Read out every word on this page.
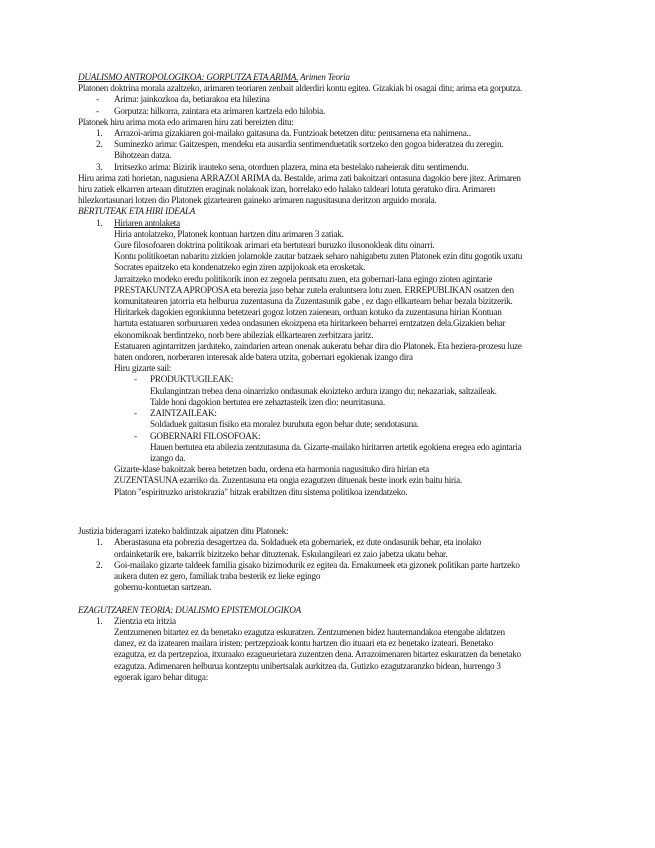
DUALISMO ANTROPOLOGIKOA: GORPUTZA ETA ARIMA. Arimen Teoria
Platonen doktrina morala azaltzeko, arimaren teoriaren zenbait alderdiri kontu egitea. Gizakiak bi osagai ditu; arima eta gorputza.
-	Arima: jainkozkoa da, betiarakoa eta hilezina
-	Gorputza: hilkorra, zaintara eta arimaren kartzela edo hilobia.
Platonek hiru arima mota edo arimaren hiru zati bereizten ditu:
1.	Arrazoi-arima gizakiaren goi-mailako gaitasuna da. Funtzioak betetzen ditu: pentsamena eta nahimena..
2.	Suminezko arima: Gaitzespen, mendeku eta ausardia sentimenduetatik sortzeko den gogoa bideratzea du zeregin.
Bihotzean datza.
3.	Irritsezko arima: Bizirik irauteko sena, otorduen plazera, mina eta bestelako naheierak ditu sentimendu.
Hiru arima zati horietan, nagusiena ARRAZOI ARIMA da. Bestalde, arima zati bakoitzari ontasuna dagokio bere jitez. Arimaren
hiru zatiek elkarren arteaan ditutzten eraginak nolakoak izan, horrelako edo halako taldeari lotuta geratuko dira. Arimaren
hilezkortasunari lotzen dio Platonek gizartearen gaineko arimaren nagusitasuna deritzon arguido morala.
BERTUTEAK ETA HIRI IDEALA
1.	Hiriaren antolaketa
Hiria antolatzeko, Platonek kontuan hartzen ditu arimaren 3 zatiak.
Gure filosofoaren doktrina politikoak arimari eta bertuteari buruzko ilusonokleak ditu oinarri.
Kontu politikoetan nabaritu zizkien jolamokle zautar batzaek seharo nahigabetu zuten Platonek ezin ditu gogotik uxatu
Socrates epaitzeko eta kondenatzeko egin ziren azpijokoak eta erosketak.
Jarraitzeko modeko eredu politikorik inon ez zegoela pentsatu zuen, eta gobernari-lana egingo zioten agintarie
PRESTAKUNTZA APROPOSA eta berezia jaso behar zutela eraluntsera lotu zuen. ERREPUBLIKAN osatzen den
komunitatearen jatorria eta helburua zuzentasuna da Zuzentasunik gabe , ez dago ellkartearn behar bezala bizitzerik.
Hiritarkek dagokien egonkiunna betetzeari gogoz lotzen zaienean, orduan kotuko da zuzentasuna hirian Kontuan
hartuta estatuaren sorburuaren xedea ondasunen ekoizpena eta hiritarkeen beharrei erntzatzen dela.Gizakien behar
ekonomikoak berdintzeko, norb bere abileziak ellkartearen zerbitzara jaritz.
Estatuaren agintarritzen jarduteko, zaindarien artean onenak aukeratu behar dira dio Platonek. Eta heziera-prozesu luze
baten ondoren, norberaren interesak alde batera utzita, gobernari egokienak izango dira
Hiru gizarte sail:
-	PRODUKTUGILEAK:
Ekulangintzan trebea dena oinarrizko ondasunak ekoizteko ardura izango du; nekazariak, saltzaileak.
Talde honi dagokion bertutea ere zehaztasteik izen dio: neurritasuna.
-	ZAINTZAILEAK:
Soldaduek gaitasun fisiko eta moralez buruhuta egon behar dute; sendotasuna.
-	GOBERNARI FILOSOFOAK:
Hauen bertutea eta abilezia zentzutasuna da. Gizarte-mailako hiritarren artetik egokiena eregea edo agintaria
izango da.
Gizarte-klase bakoitzak berea betetzen badu, ordena eta harmonia nagusituko dira hirian eta
ZUZENTASUNA ezarriko da. Zuzentasuna eta ongia ezagutzen dituenak beste inork ezin baitu hiria.
Platon "espiritruzko aristokrazia" hitzak erabiltzen ditu sistema politikoa izendatzeko.
Justizia bideragarri izateko baldintzak aipatzen ditu Platonek:
1.	Aberastasuna eta pobrezia desagertzea da. Soldaduek eta gobernariek, ez dute ondasunik behar, eta inolako
ordainketarik ere, bakarrik bizitzeko behar dituztenak. Eskulangileari ez zaio jabetza ukatu behar.
2.	Goi-mailako gizarte taldeek familia gisako bizimodurik ez egitea da. Emakumeek eta gizonek politikan parte hartzeko
aukera duten ez gero, familiak traba besterik ez lieke egingo
gobernu-kontuetan sartzean.
EZAGUTZAREN TEORIA: DUALISMO EPISTEMOLOGIKOA
1.	Zientzia eta iritzia
Zentzumenen bitartez ez da benetako ezagutza eskuratzen. Zentzumenen bidez hautemandakoa etengabe aldatzen
danez, ez da izatearen mailara iristen: pertzepzioak kontu hartzen dio ituaari eta ez benetako izateari. Benetako
ezagutza, ez da pertzepzioa, itxuraako ezagueurietara zuzentzen dena. Arrazoimenaren bitartez eskuratzen da benetako
ezagutza. Adimenaren helburua kontzeptu unibertsalak aurkitzea da. Gutizko ezagutzaranzko bidean, hurrengo 3
egoerak igaro behar dituga:
